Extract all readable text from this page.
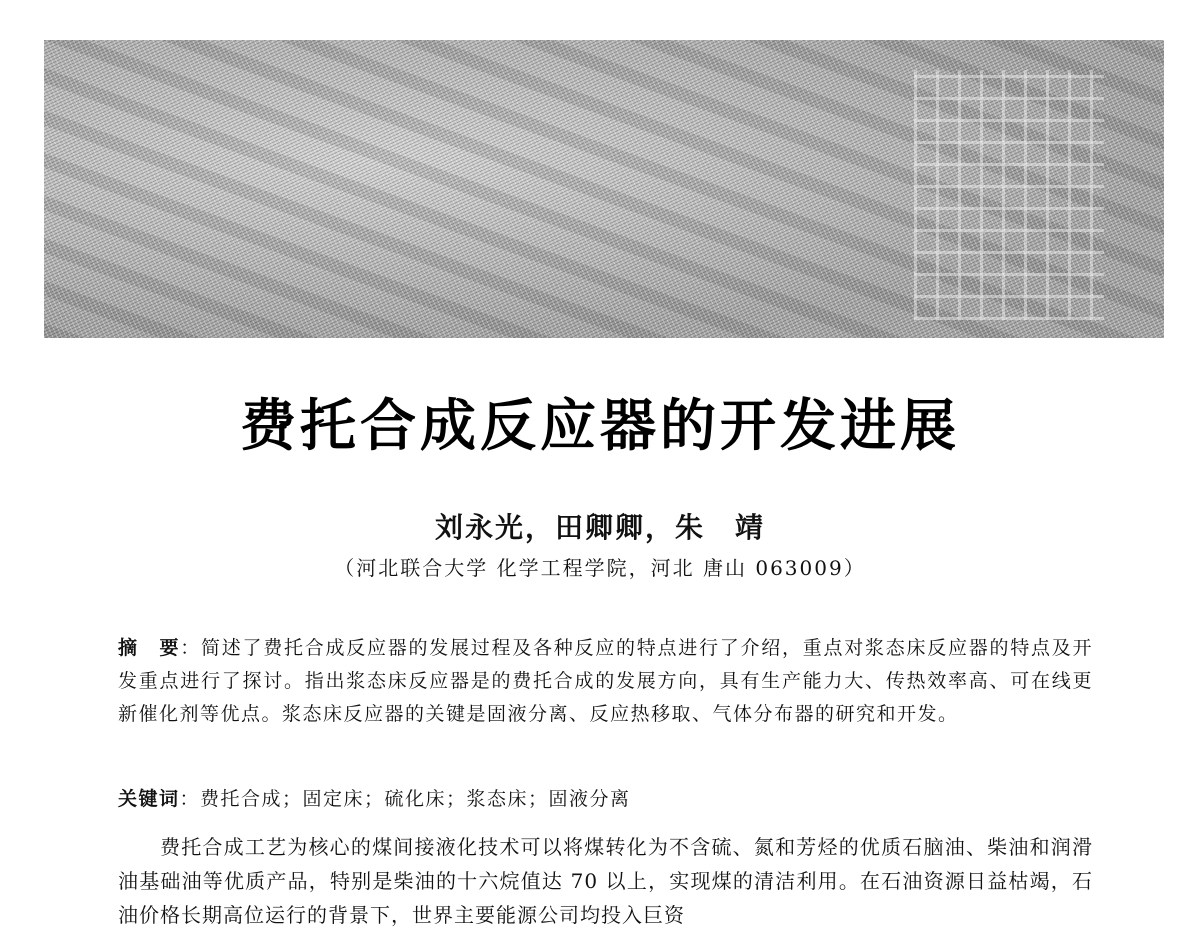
费托合成反应器的开发进展
刘永光，田卿卿，朱　靖
（河北联合大学 化学工程学院，河北 唐山 063009）
摘　要：简述了费托合成反应器的发展过程及各种反应的特点进行了介绍，重点对浆态床反应器的特点及开发重点进行了探讨。指出浆态床反应器是的费托合成的发展方向，具有生产能力大、传热效率高、可在线更新催化剂等优点。浆态床反应器的关键是固液分离、反应热移取、气体分布器的研究和开发。
关键词：费托合成；固定床；硫化床；浆态床；固液分离
费托合成工艺为核心的煤间接液化技术可以将煤转化为不含硫、氮和芳烃的优质石脑油、柴油和润滑油基础油等优质产品，特别是柴油的十六烷值达 70 以上，实现煤的清洁利用。在石油资源日益枯竭，石油价格长期高位运行的背景下，世界主要能源公司均投入巨资
